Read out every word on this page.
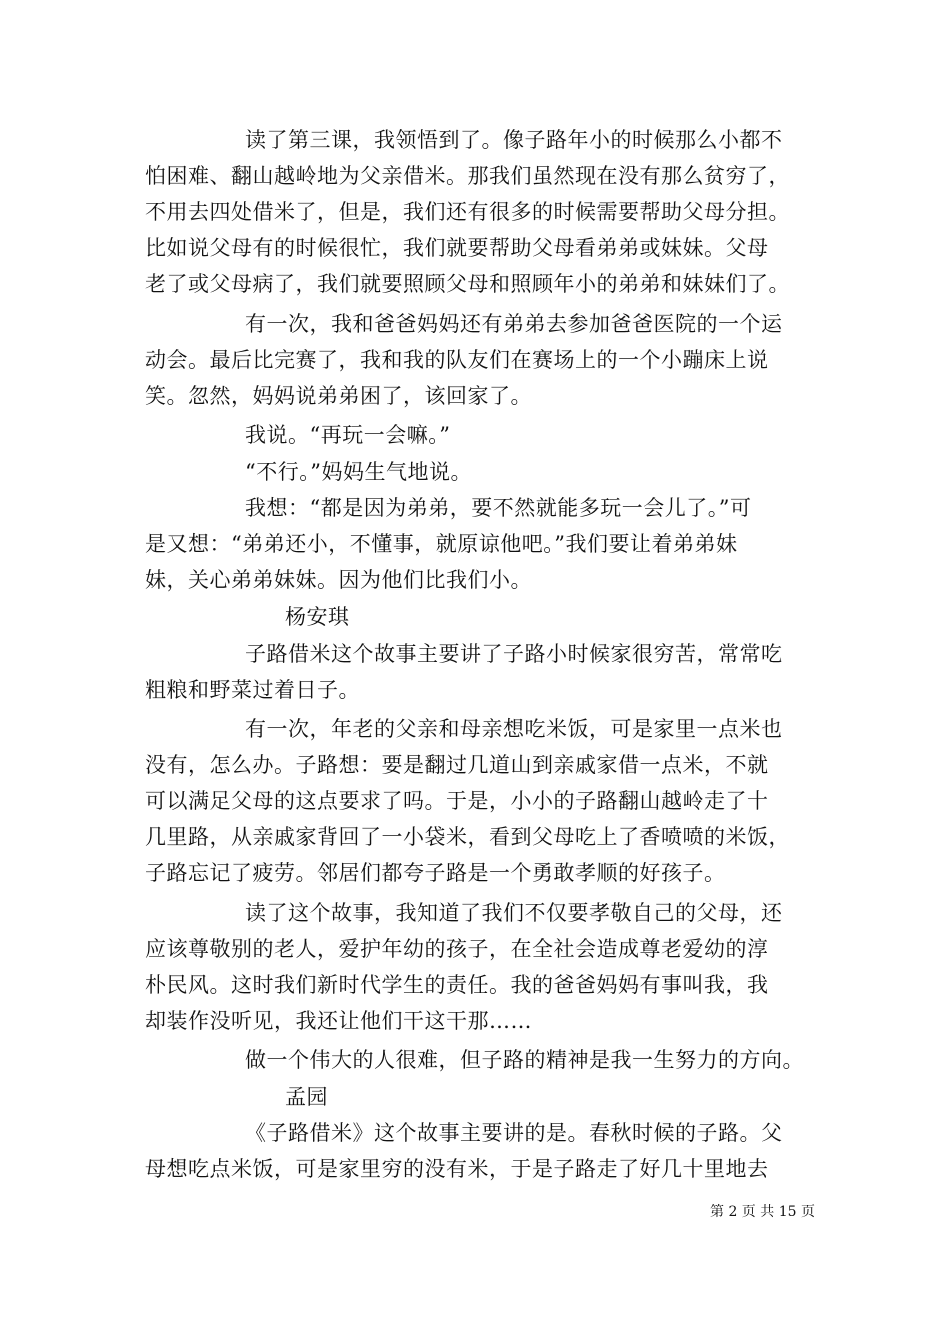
读了第三课，我领悟到了。像子路年小的时候那么小都不
怕困难、翻山越岭地为父亲借米。那我们虽然现在没有那么贫穷了，
不用去四处借米了，但是，我们还有很多的时候需要帮助父母分担。
比如说父母有的时候很忙，我们就要帮助父母看弟弟或妹妹。父母
老了或父母病了，我们就要照顾父母和照顾年小的弟弟和妹妹们了。
有一次，我和爸爸妈妈还有弟弟去参加爸爸医院的一个运
动会。最后比完赛了，我和我的队友们在赛场上的一个小蹦床上说
笑。忽然，妈妈说弟弟困了，该回家了。
我说。“再玩一会嘛。”
“不行。”妈妈生气地说。
我想：“都是因为弟弟，要不然就能多玩一会儿了。”可
是又想：“弟弟还小，不懂事，就原谅他吧。”我们要让着弟弟妹
妹，关心弟弟妹妹。因为他们比我们小。
杨安琪
子路借米这个故事主要讲了子路小时候家很穷苦，常常吃
粗粮和野菜过着日子。
有一次，年老的父亲和母亲想吃米饭，可是家里一点米也
没有，怎么办。子路想：要是翻过几道山到亲戚家借一点米，不就
可以满足父母的这点要求了吗。于是，小小的子路翻山越岭走了十
几里路，从亲戚家背回了一小袋米，看到父母吃上了香喷喷的米饭，
子路忘记了疲劳。邻居们都夸子路是一个勇敢孝顺的好孩子。
读了这个故事，我知道了我们不仅要孝敬自己的父母，还
应该尊敬别的老人，爱护年幼的孩子，在全社会造成尊老爱幼的淳
朴民风。这时我们新时代学生的责任。我的爸爸妈妈有事叫我，我
却装作没听见，我还让他们干这干那……
做一个伟大的人很难，但子路的精神是我一生努力的方向。
孟园
《子路借米》这个故事主要讲的是。春秋时候的子路。父
母想吃点米饭，可是家里穷的没有米，于是子路走了好几十里地去
第 2 页 共 15 页
